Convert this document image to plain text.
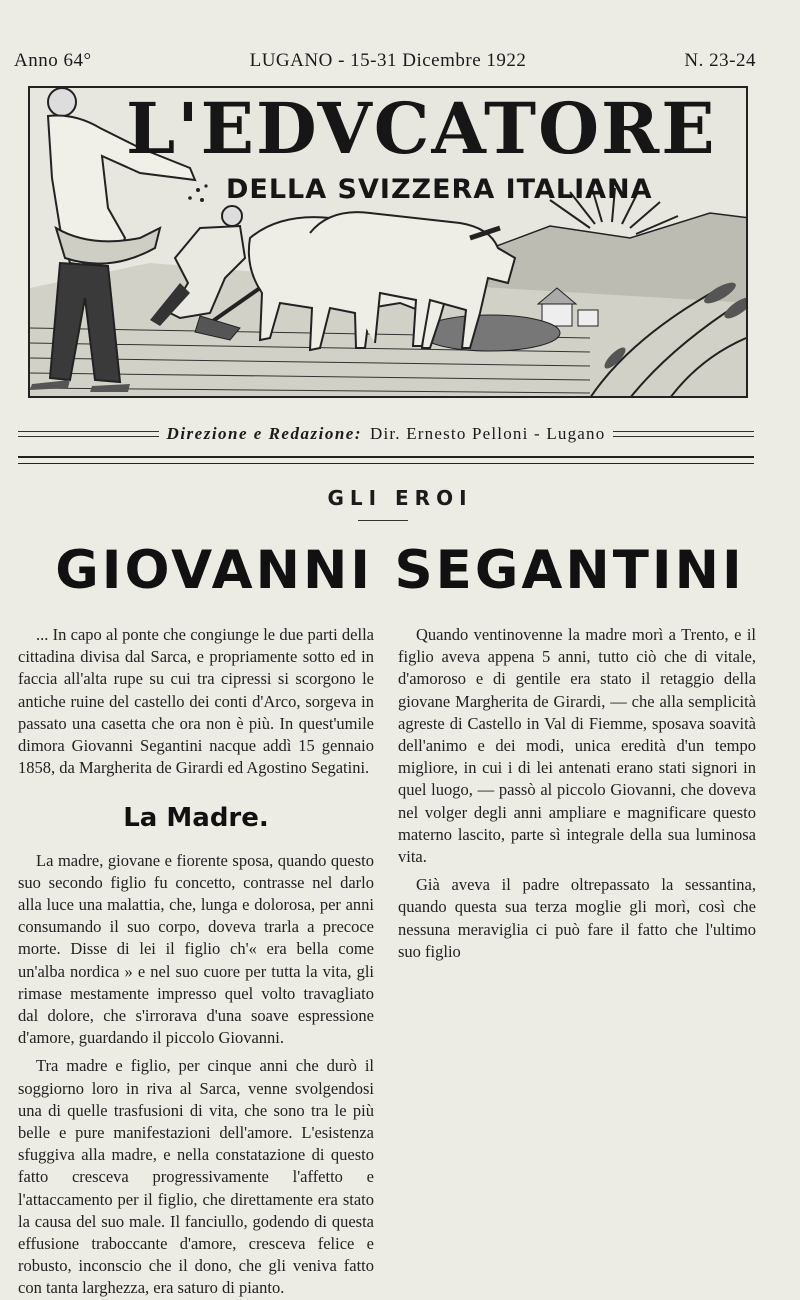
Anno 64°	LUGANO - 15-31 Dicembre 1922	N. 23-24
L'EDVCATORE
DELLA SVIZZERA ITALIANA
Direzione e Redazione: Dir. Ernesto Pelloni - Lugano
GLI EROI
GIOVANNI SEGANTINI

... In capo al ponte che congiunge le due parti della cittadina divisa dal Sarca, e propriamente sotto ed in faccia all'alta rupe su cui tra cipressi si scorgono le antiche ruine del castello dei conti d'Arco, sorgeva in passato una casetta che ora non è più. In quest'umile dimora Giovanni Segantini nacque addì 15 gennaio 1858, da Margherita de Girardi ed Agostino Segatini.

La Madre.

La madre, giovane e fiorente sposa, quando questo suo secondo figlio fu concetto, contrasse nel darlo alla luce una malattia, che, lunga e dolorosa, per anni consumando il suo corpo, doveva trarla a precoce morte. Disse di lei il figlio ch'« era bella come un'alba nordica » e nel suo cuore per tutta la vita, gli rimase mestamente impresso quel volto travagliato dal dolore, che s'irrorava d'una soave espressione d'amore, guardando il piccolo Giovanni.

Tra madre e figlio, per cinque anni che durò il soggiorno loro in riva al Sarca, venne svolgendosi una di quelle trasfusioni di vita, che sono tra le più belle e pure manifestazioni dell'amore. L'esistenza sfuggiva alla madre, e nella constatazione di questo fatto cresceva progressivamente l'affetto e l'attaccamento per il figlio, che direttamente era stato la causa del suo male. Il fanciullo, godendo di questa effusione traboccante d'amore, cresceva felice e robusto, inconscio che il dono, che gli veniva fatto con tanta larghezza, era saturo di pianto.

Quando ventinovenne la madre morì a Trento, e il figlio aveva appena 5 anni, tutto ciò che di vitale, d'amoroso e di gentile era stato il retaggio della giovane Margherita de Girardi, — che alla semplicità agreste di Castello in Val di Fiemme, sposava soavità dell'animo e dei modi, unica eredità d'un tempo migliore, in cui i di lei antenati erano stati signori in quel luogo, — passò al piccolo Giovanni, che doveva nel volger degli anni ampliare e magnificare questo materno lascito, parte sì integrale della sua luminosa vita.

Già aveva il padre oltrepassato la sessantina, quando questa sua terza moglie gli morì, così che nessuna meraviglia ci può fare il fatto che l'ultimo suo figlio
